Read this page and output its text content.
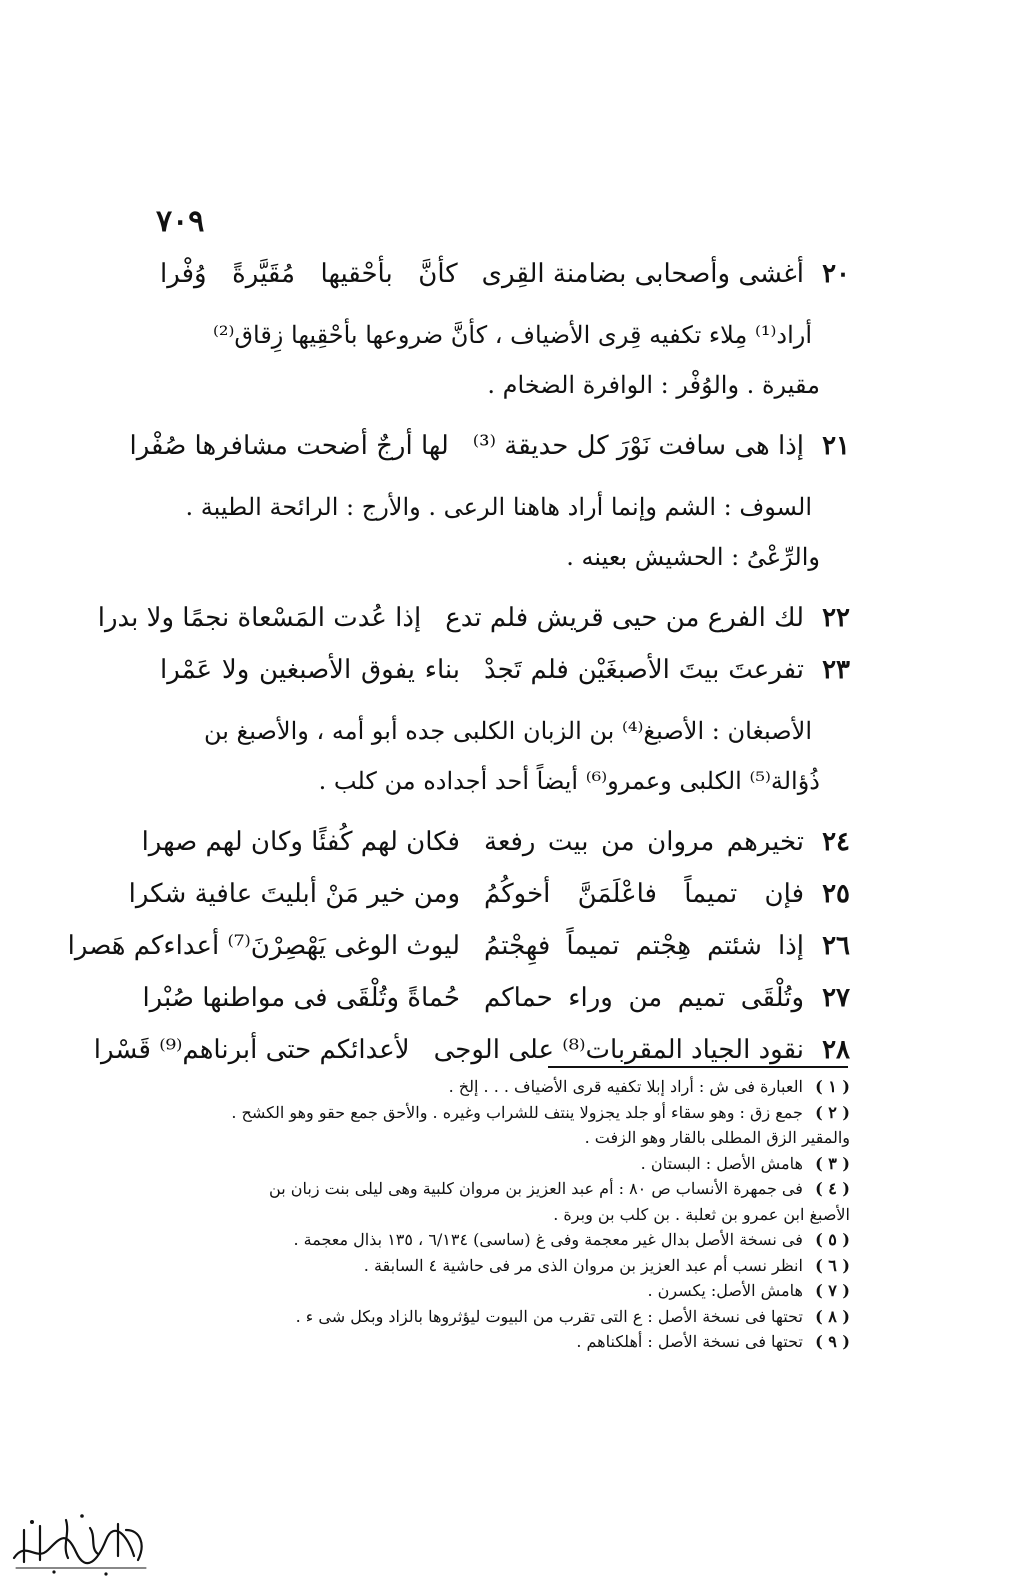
٧٠٩
٢٠
أغشى وأصحابى بضامنة القِرى
كأنَّ بأحْقيها مُقَيَّرةً وُفْرا
أراد⁽¹⁾ مِلاء تكفيه قِرى الأضياف ، كأنَّ ضروعها بأحْقِيها زِقاق⁽²⁾
مقيرة . والوُفْر : الوافرة الضخام .
٢١
إذا هى سافت نَوْرَ كل حديقة ⁽³⁾
لها أرجٌ أضحت مشافرها صُفْرا
السوف : الشم وإنما أراد هاهنا الرعى . والأرج : الرائحة الطيبة .
والرِّعْىُ : الحشيش بعينه .
٢٢
لك الفرع من حيى قريش فلم تدع
إذا عُدت المَسْعاة نجمًا ولا بدرا
٢٣
تفرعتَ بيتَ الأصبغَيْن فلم تَجدْ
بناء يفوق الأصبغين ولا عَمْرا
الأصبغان : الأصبغ⁽⁴⁾ بن الزبان الكلبى جده أبو أمه ، والأصبغ بن
ذُؤالة⁽⁵⁾ الكلبى وعمرو⁽⁶⁾ أيضاً أحد أجداده من كلب .
٢٤
تخيرهم مروان من بيت رفعة
فكان لهم كُفئًا وكان لهم صهرا
٢٥
فإن تميماً فاعْلَمَنَّ أخوكُمُ
ومن خير مَنْ أبليتَ عافية شكرا
٢٦
إذا شئتم هِجْتم تميماً فهِجْتمُ
ليوث الوغى يَهْصِرْنَ⁽⁷⁾ أعداءكم هَصرا
٢٧
وتُلْقَى تميم من وراء حماكم
حُماةً وتُلْقَى فى مواطنها صُبْرا
٢٨
نقود الجياد المقربات⁽⁸⁾ على الوجى
لأعدائكم حتى أبرناهم⁽⁹⁾ قَسْرا
( ١ ) العبارة فى ش : أراد إبلا تكفيه قرى الأضياف . . . إلخ .
( ٢ ) جمع زق : وهو سقاء أو جلد يجزولا ينتف للشراب وغيره . والأحق جمع حقو وهو الكشح .
والمقير الزق المطلى بالقار وهو الزفت .
( ٣ ) هامش الأصل : البستان .
( ٤ ) فى جمهرة الأنساب ص ٨٠ : أم عبد العزيز بن مروان كلبية وهى ليلى بنت زبان بن
الأصبغ ابن عمرو بن ثعلبة . بن كلب بن وبرة .
( ٥ ) فى نسخة الأصل بدال غير معجمة وفى غ (ساسى) ٦/١٣٤ ، ١٣٥ بذال معجمة .
( ٦ ) انظر نسب أم عبد العزيز بن مروان الذى مر فى حاشية ٤ السابقة .
( ٧ ) هامش الأصل: يكسرن .
( ٨ ) تحتها فى نسخة الأصل : ع التى تقرب من البيوت ليؤثروها بالزاد وبكل شى ء .
( ٩ ) تحتها فى نسخة الأصل : أهلكناهم .
